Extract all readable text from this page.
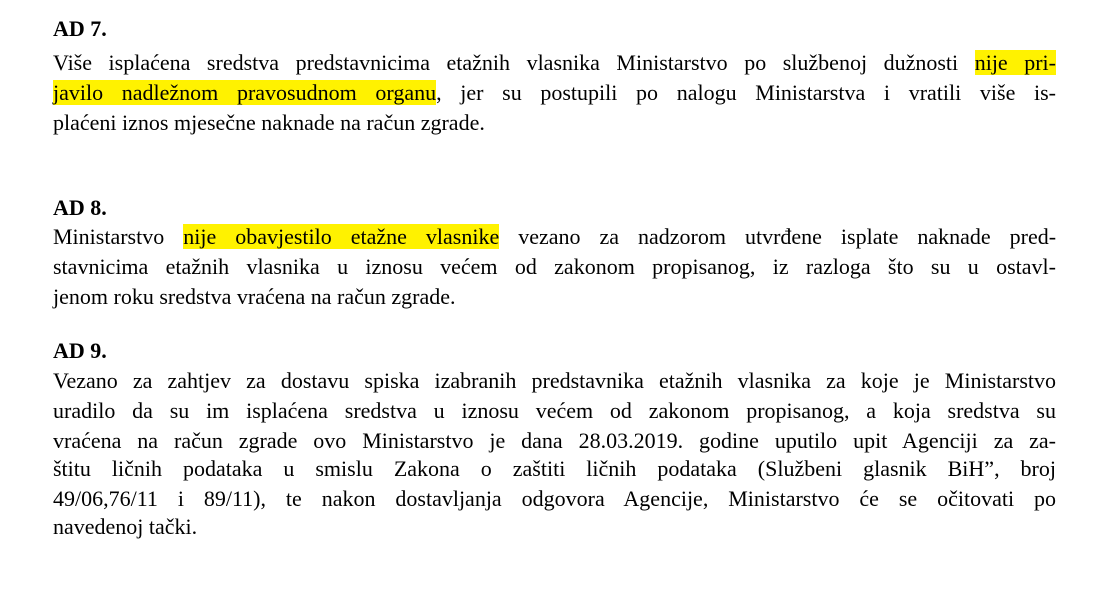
AD 7.
Više isplaćena sredstva predstavnicima etažnih vlasnika Ministarstvo po službenoj dužnosti nije pri-
javilo nadležnom pravosudnom organu, jer su postupili po nalogu Ministarstva i vratili više is-
plaćeni iznos mjesečne naknade na račun zgrade.
AD 8.
Ministarstvo nije obavjestilo etažne vlasnike vezano za nadzorom utvrđene isplate naknade pred-
stavnicima etažnih vlasnika u iznosu većem od zakonom propisanog, iz razloga što su u ostavl-
jenom roku sredstva vraćena na račun zgrade.
AD 9.
Vezano za zahtjev za dostavu spiska izabranih predstavnika etažnih vlasnika za koje je Ministarstvo
uradilo da su im isplaćena sredstva u iznosu većem od zakonom propisanog, a koja sredstva su
vraćena na račun zgrade ovo Ministarstvo je dana 28.03.2019. godine uputilo upit Agenciji za za-
štitu ličnih podataka u smislu Zakona o zaštiti ličnih podataka (Službeni glasnik BiH”, broj
49/06,76/11 i 89/11), te nakon dostavljanja odgovora Agencije, Ministarstvo će se očitovati po
navedenoj tački.
